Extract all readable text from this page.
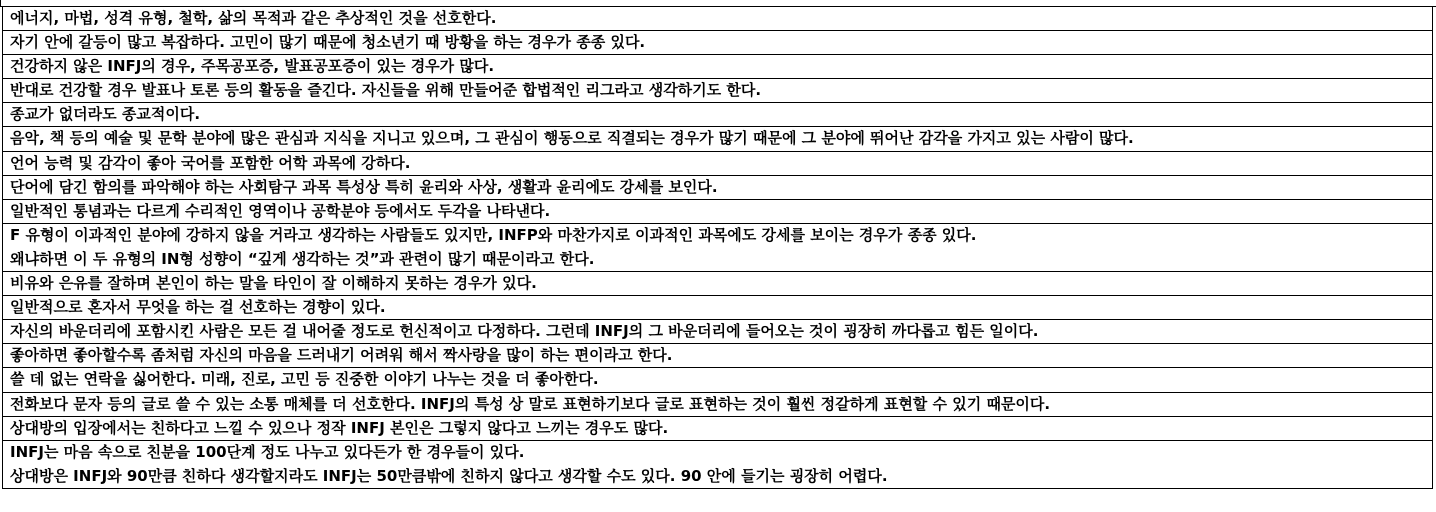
에너지, 마법, 성격 유형, 철학, 삶의 목적과 같은 추상적인 것을 선호한다.
자기 안에 갈등이 많고 복잡하다. 고민이 많기 때문에 청소년기 때 방황을 하는 경우가 종종 있다.
건강하지 않은 INFJ의 경우, 주목공포증, 발표공포증이 있는 경우가 많다.
반대로 건강할 경우 발표나 토론 등의 활동을 즐긴다. 자신들을 위해 만들어준 합법적인 리그라고 생각하기도 한다.
종교가 없더라도 종교적이다.
음악, 책 등의 예술 및 문학 분야에 많은 관심과 지식을 지니고 있으며, 그 관심이 행동으로 직결되는 경우가 많기 때문에 그 분야에 뛰어난 감각을 가지고 있는 사람이 많다.
언어 능력 및 감각이 좋아 국어를 포함한 어학 과목에 강하다.
단어에 담긴 함의를 파악해야 하는 사회탐구 과목 특성상 특히 윤리와 사상, 생활과 윤리에도 강세를 보인다.
일반적인 통념과는 다르게 수리적인 영역이나 공학분야 등에서도 두각을 나타낸다.
F 유형이 이과적인 분야에 강하지 않을 거라고 생각하는 사람들도 있지만, INFP와 마찬가지로 이과적인 과목에도 강세를 보이는 경우가 종종 있다.
왜냐하면 이 두 유형의 IN형 성향이 “깊게 생각하는 것”과 관련이 많기 때문이라고 한다.
비유와 은유를 잘하며 본인이 하는 말을 타인이 잘 이해하지 못하는 경우가 있다.
일반적으로 혼자서 무엇을 하는 걸 선호하는 경향이 있다.
자신의 바운더리에 포함시킨 사람은 모든 걸 내어줄 정도로 헌신적이고 다정하다. 그런데 INFJ의 그 바운더리에 들어오는 것이 굉장히 까다롭고 힘든 일이다.
좋아하면 좋아할수록 좀처럼 자신의 마음을 드러내기 어려워 해서 짝사랑을 많이 하는 편이라고 한다.
쓸 데 없는 연락을 싫어한다. 미래, 진로, 고민 등 진중한 이야기 나누는 것을 더 좋아한다.
전화보다 문자 등의 글로 쓸 수 있는 소통 매체를 더 선호한다. INFJ의 특성 상 말로 표현하기보다 글로 표현하는 것이 훨씬 정갈하게 표현할 수 있기 때문이다.
상대방의 입장에서는 친하다고 느낄 수 있으나 정작 INFJ 본인은 그렇지 않다고 느끼는 경우도 많다.
INFJ는 마음 속으로 친분을 100단계 정도 나누고 있다든가 한 경우들이 있다.
상대방은 INFJ와 90만큼 친하다 생각할지라도 INFJ는 50만큼밖에 친하지 않다고 생각할 수도 있다. 90 안에 들기는 굉장히 어렵다.
